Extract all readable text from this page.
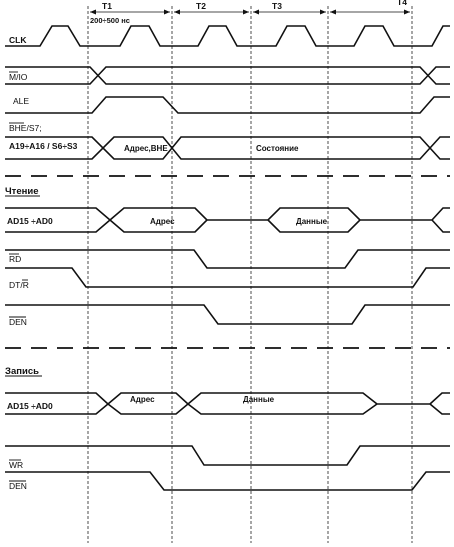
T1	T2	T3	T4
200÷500 нс
CLK
M/IO
ALE
BHE/S7;
A19÷A16 / S6÷S3	Адрес,BHE	Состояние
Чтение
AD15 ÷AD0	Адрес	Данные
RD
DT/R
DEN
Запись
AD15 ÷AD0
Адрес	Данные
WR
DEN
